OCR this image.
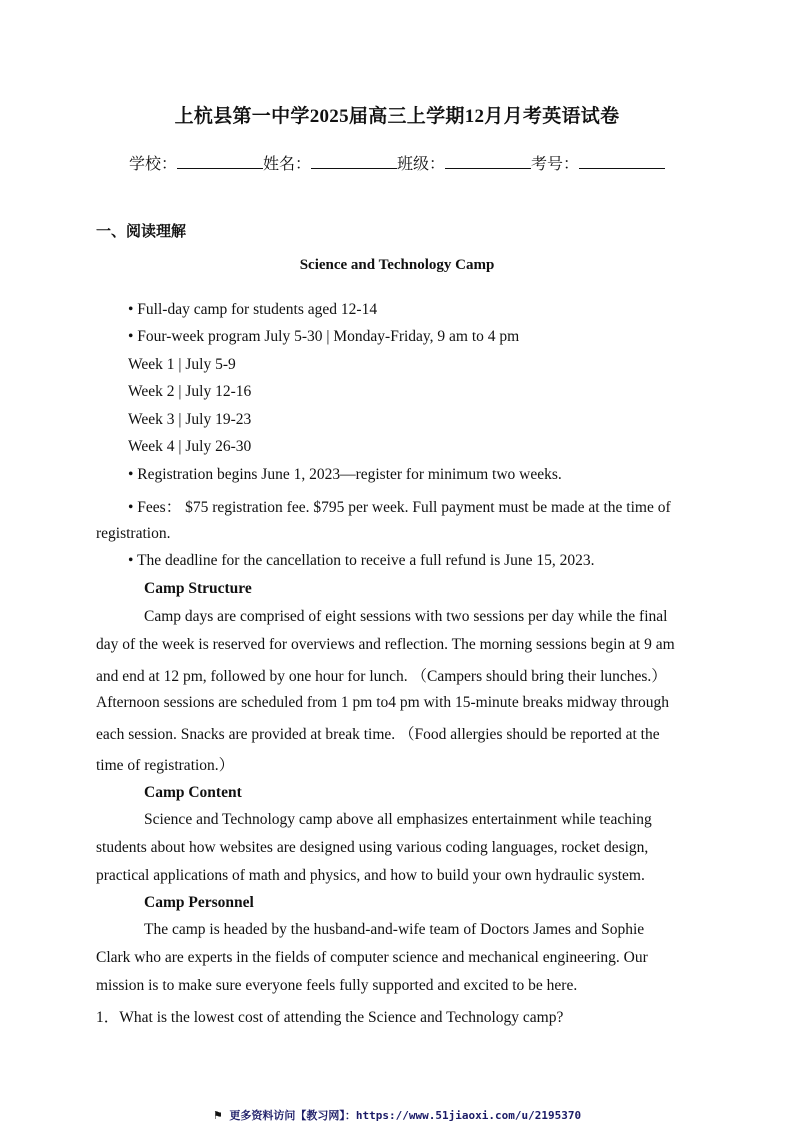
上杭县第一中学2025届高三上学期12月月考英语试卷
学校：	姓名：	班级：	考号：
一、阅读理解
Science and Technology Camp
• Full-day camp for students aged 12-14
• Four-week program July 5-30 | Monday-Friday, 9 am to 4 pm
Week 1 | July 5-9
Week 2 | July 12-16
Week 3 | July 19-23
Week 4 | July 26-30
• Registration begins June 1, 2023—register for minimum two weeks.
• Fees： $75 registration fee. $795 per week. Full payment must be made at the time of
registration.
• The deadline for the cancellation to receive a full refund is June 15, 2023.
Camp Structure
Camp days are comprised of eight sessions with two sessions per day while the final
day of the week is reserved for overviews and reflection. The morning sessions begin at 9 am
and end at 12 pm, followed by one hour for lunch. （Campers should bring their lunches.）
Afternoon sessions are scheduled from 1 pm to4 pm with 15-minute breaks midway through
each session. Snacks are provided at break time. （Food allergies should be reported at the
time of registration.）
Camp Content
Science and Technology camp above all emphasizes entertainment while teaching
students about how websites are designed using various coding languages, rocket design,
practical applications of math and physics, and how to build your own hydraulic system.
Camp Personnel
The camp is headed by the husband-and-wife team of Doctors James and Sophie
Clark who are experts in the fields of computer science and mechanical engineering. Our
mission is to make sure everyone feels fully supported and excited to be here.
1．What is the lowest cost of attending the Science and Technology camp?
⚑ 更多资料访问【教习网】：https://www.51jiaoxi.com/u/2195370
